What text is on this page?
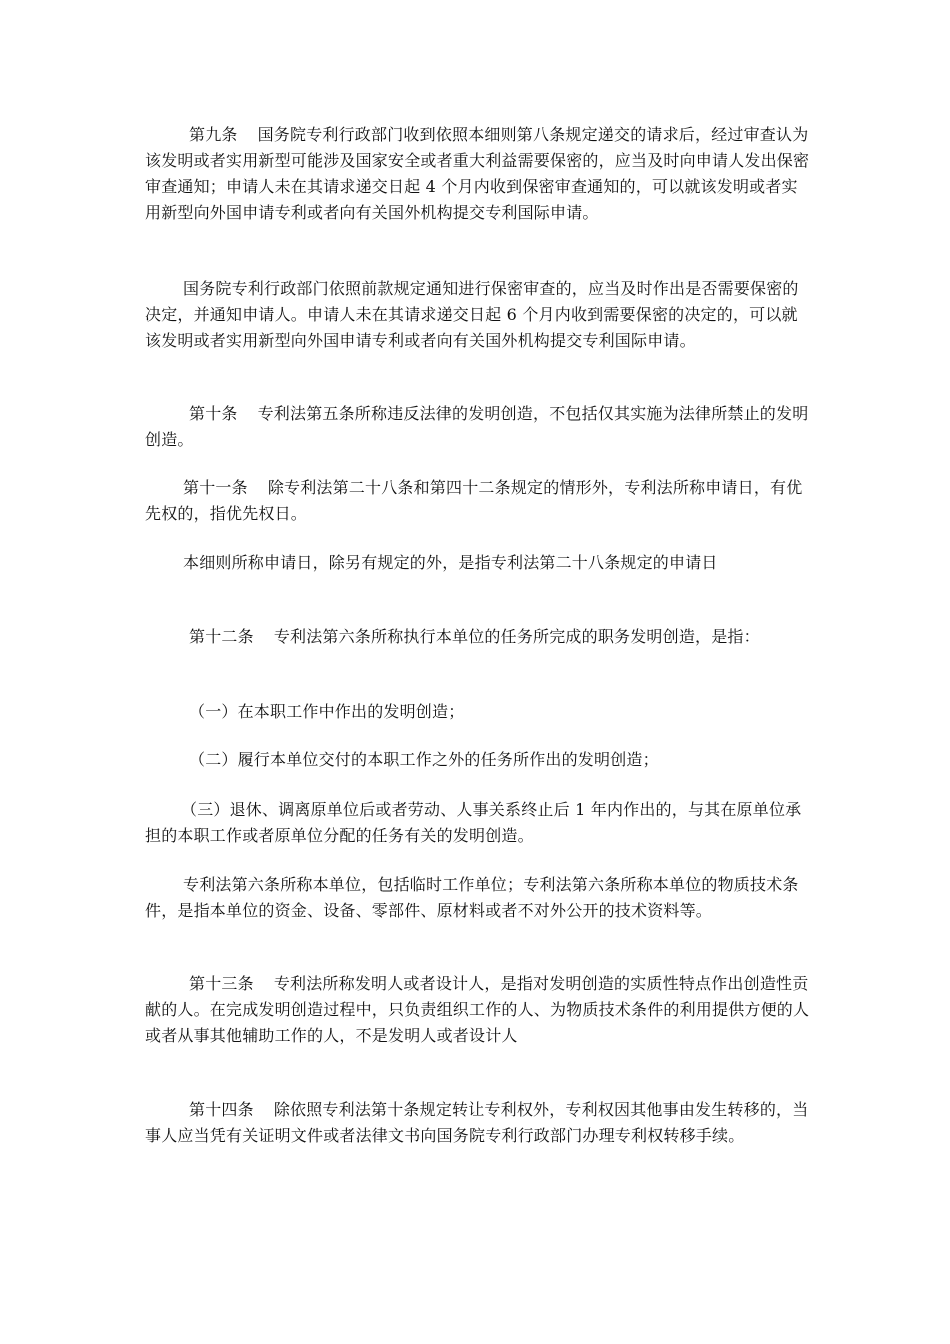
第九条 国务院专利行政部门收到依照本细则第八条规定递交的请求后，经过审查认为该发明或者实用新型可能涉及国家安全或者重大利益需要保密的，应当及时向申请人发出保密审查通知；申请人未在其请求递交日起 4 个月内收到保密审查通知的，可以就该发明或者实用新型向外国申请专利或者向有关国外机构提交专利国际申请。

国务院专利行政部门依照前款规定通知进行保密审查的，应当及时作出是否需要保密的决定，并通知申请人。申请人未在其请求递交日起 6 个月内收到需要保密的决定的，可以就该发明或者实用新型向外国申请专利或者向有关国外机构提交专利国际申请。

第十条 专利法第五条所称违反法律的发明创造，不包括仅其实施为法律所禁止的发明创造。

第十一条 除专利法第二十八条和第四十二条规定的情形外，专利法所称申请日，有优先权的，指优先权日。

本细则所称申请日，除另有规定的外，是指专利法第二十八条规定的申请日

第十二条 专利法第六条所称执行本单位的任务所完成的职务发明创造，是指：

（一）在本职工作中作出的发明创造；

（二）履行本单位交付的本职工作之外的任务所作出的发明创造；

（三）退休、调离原单位后或者劳动、人事关系终止后 1 年内作出的，与其在原单位承担的本职工作或者原单位分配的任务有关的发明创造。

专利法第六条所称本单位，包括临时工作单位；专利法第六条所称本单位的物质技术条件，是指本单位的资金、设备、零部件、原材料或者不对外公开的技术资料等。

第十三条 专利法所称发明人或者设计人，是指对发明创造的实质性特点作出创造性贡献的人。在完成发明创造过程中，只负责组织工作的人、为物质技术条件的利用提供方便的人或者从事其他辅助工作的人，不是发明人或者设计人

第十四条 除依照专利法第十条规定转让专利权外，专利权因其他事由发生转移的，当事人应当凭有关证明文件或者法律文书向国务院专利行政部门办理专利权转移手续。
